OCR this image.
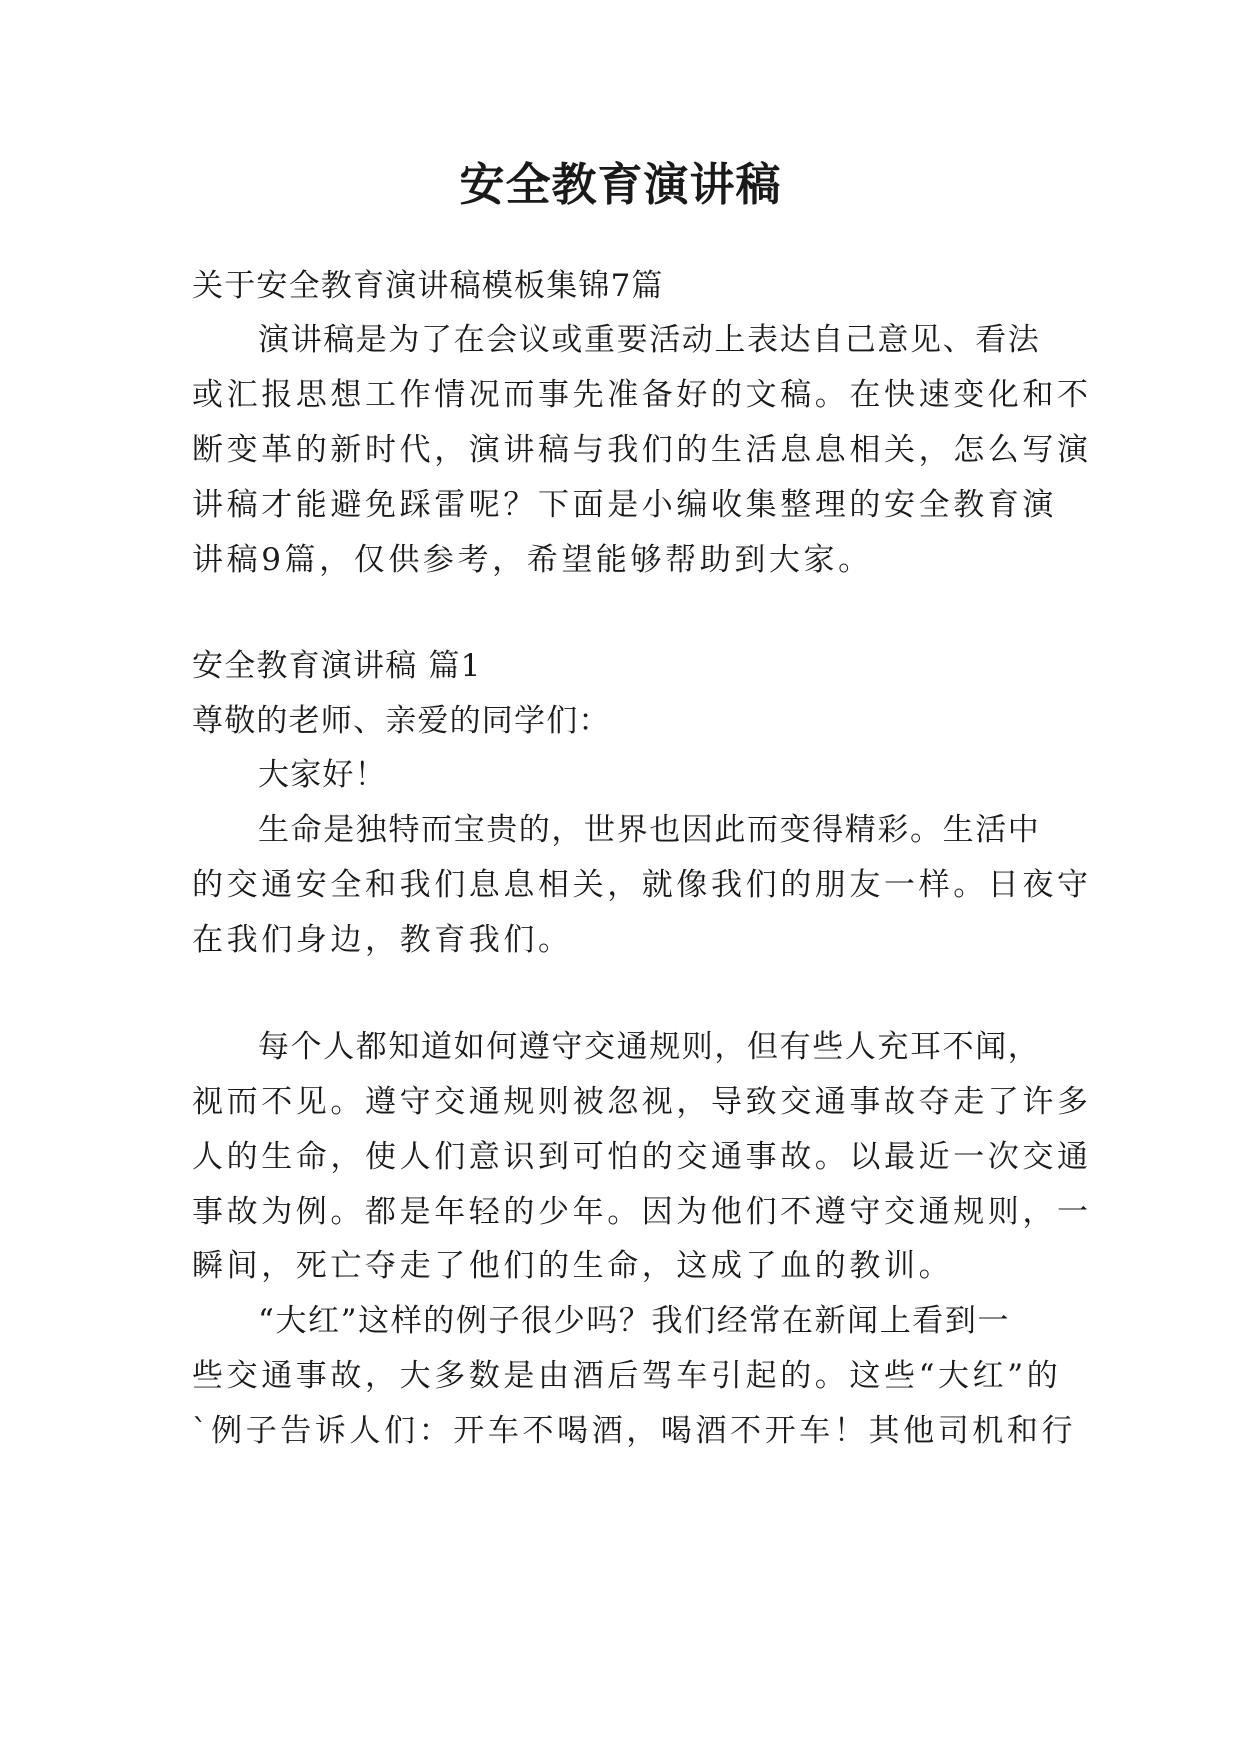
安全教育演讲稿
关于安全教育演讲稿模板集锦7篇
演讲稿是为了在会议或重要活动上表达自己意见、看法
或汇报思想工作情况而事先准备好的文稿。在快速变化和不
断变革的新时代，演讲稿与我们的生活息息相关，怎么写演
讲稿才能避免踩雷呢？下面是小编收集整理的安全教育演
讲稿9篇，仅供参考，希望能够帮助到大家。
安全教育演讲稿 篇1
尊敬的老师、亲爱的同学们：
大家好！
生命是独特而宝贵的，世界也因此而变得精彩。生活中
的交通安全和我们息息相关，就像我们的朋友一样。日夜守
在我们身边，教育我们。
每个人都知道如何遵守交通规则，但有些人充耳不闻，
视而不见。遵守交通规则被忽视，导致交通事故夺走了许多
人的生命，使人们意识到可怕的交通事故。以最近一次交通
事故为例。都是年轻的少年。因为他们不遵守交通规则，一
瞬间，死亡夺走了他们的生命，这成了血的教训。
“大红”这样的例子很少吗？我们经常在新闻上看到一
些交通事故，大多数是由酒后驾车引起的。这些“大红”的
`例子告诉人们：开车不喝酒，喝酒不开车！其他司机和行
